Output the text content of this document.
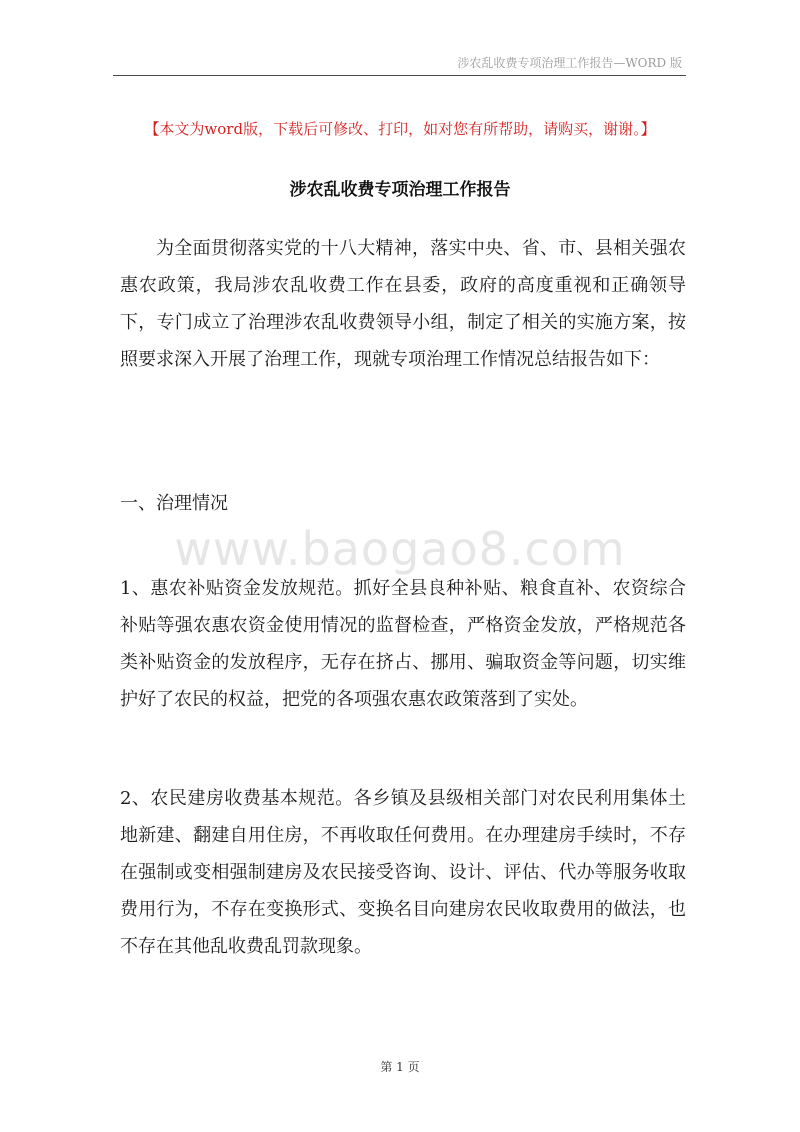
涉农乱收费专项治理工作报告—WORD 版
【本文为word版，下载后可修改、打印，如对您有所帮助，请购买，谢谢。】
涉农乱收费专项治理工作报告

为全面贯彻落实党的十八大精神，落实中央、省、市、县相关强农惠农政策，我局涉农乱收费工作在县委，政府的高度重视和正确领导下，专门成立了治理涉农乱收费领导小组，制定了相关的实施方案，按照要求深入开展了治理工作，现就专项治理工作情况总结报告如下：

一、治理情况

www.baogao8.com

1、惠农补贴资金发放规范。抓好全县良种补贴、粮食直补、农资综合补贴等强农惠农资金使用情况的监督检查，严格资金发放，严格规范各类补贴资金的发放程序，无存在挤占、挪用、骗取资金等问题，切实维护好了农民的权益，把党的各项强农惠农政策落到了实处。

2、农民建房收费基本规范。各乡镇及县级相关部门对农民利用集体土地新建、翻建自用住房，不再收取任何费用。在办理建房手续时，不存在强制或变相强制建房及农民接受咨询、设计、评估、代办等服务收取费用行为，不存在变换形式、变换名目向建房农民收取费用的做法，也不存在其他乱收费乱罚款现象。

第 1 页
